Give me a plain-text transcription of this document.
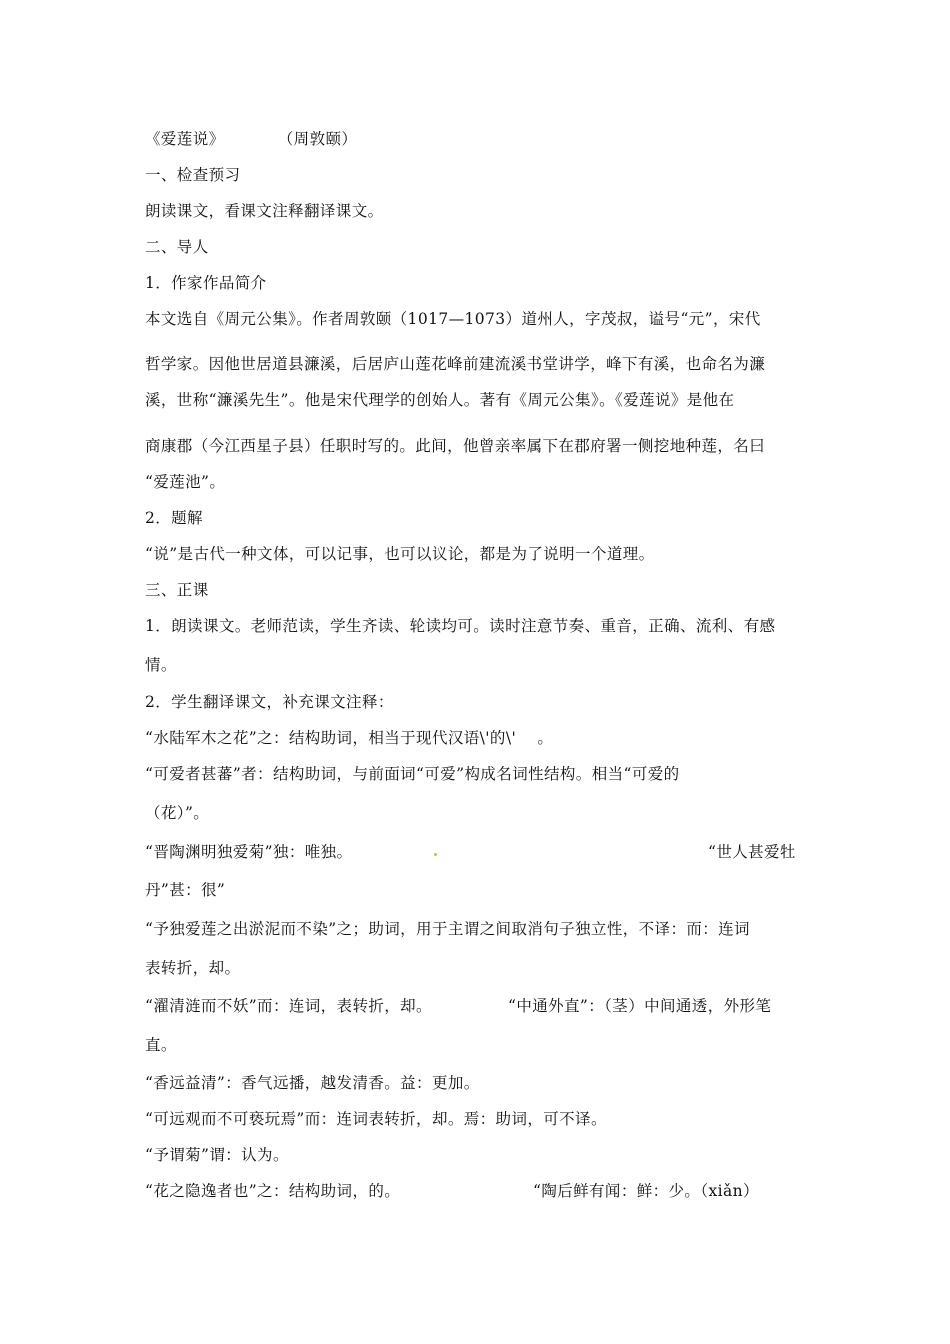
《爱莲说》          （周敦颐）
一、检查预习
朗读课文，看课文注释翻译课文。
二、导人
1．作家作品简介
本文选自《周元公集》。作者周敦颐（1017—1073）道州人，字茂叔，谥号“元”，宋代
哲学家。因他世居道县濂溪，后居庐山莲花峰前建流溪书堂讲学，峰下有溪，也命名为濂
溪，世称“濂溪先生”。他是宋代理学的创始人。著有《周元公集》。《爱莲说》是他在
商康郡（今江西星子县）任职时写的。此间，他曾亲率属下在郡府署一侧挖地种莲，名曰
“爱莲池”。
2．题解
“说”是古代一种文体，可以记事，也可以议论，都是为了说明一个道理。
三、正课
1．朗读课文。老师范读，学生齐读、轮读均可。读时注意节奏、重音，正确、流利、有感
情。
2．学生翻译课文，补充课文注释：
“水陆军木之花”之：结构助词，相当于现代汉语\'的\'    。
“可爱者甚蕃”者：结构助词，与前面词“可爱”构成名词性结构。相当“可爱的
（花）”。
“晋陶渊明独爱菊”独：唯独。	“世人甚爱牡
丹”甚：很”
“予独爱莲之出淤泥而不染”之；助词，用于主谓之间取消句子独立性，不译：而：连词
表转折，却。
“濯清涟而不妖”而：连词，表转折，却。	“中通外直”：（茎）中间通透，外形笔
直。
“香远益清”：香气远播，越发清香。益：更加。
“可远观而不可亵玩焉”而：连词表转折，却。焉：助词，可不译。
“予谓菊”谓：认为。
“花之隐逸者也”之：结构助词，的。	“陶后鲜有闻：鲜：少。（xiǎn）
